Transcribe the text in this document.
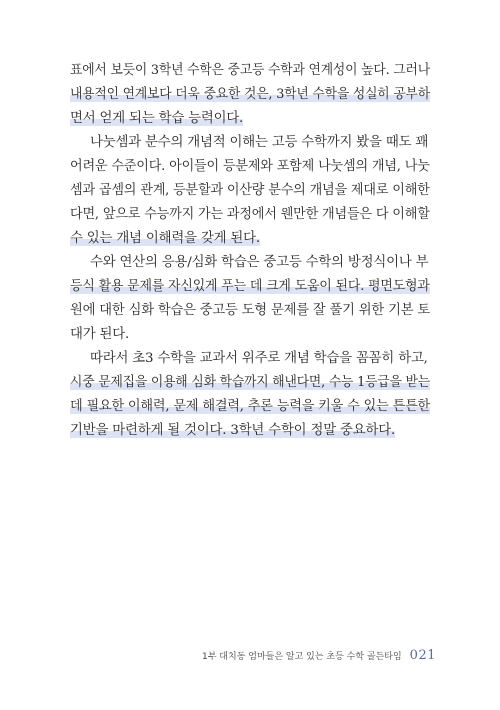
표에서 보듯이 3학년 수학은 중고등 수학과 연계성이 높다. 그러나
내용적인 연계보다 더욱 중요한 것은, 3학년 수학을 성실히 공부하
면서 얻게 되는 학습 능력이다.
나눗셈과 분수의 개념적 이해는 고등 수학까지 봤을 때도 꽤
어려운 수준이다. 아이들이 등분제와 포함제 나눗셈의 개념, 나눗
셈과 곱셈의 관계, 등분할과 이산량 분수의 개념을 제대로 이해한
다면, 앞으로 수능까지 가는 과정에서 웬만한 개념들은 다 이해할
수 있는 개념 이해력을 갖게 된다.
수와 연산의 응용/심화 학습은 중고등 수학의 방정식이나 부
등식 활용 문제를 자신있게 푸는 데 크게 도움이 된다. 평면도형과
원에 대한 심화 학습은 중고등 도형 문제를 잘 풀기 위한 기본 토
대가 된다.
따라서 초3 수학을 교과서 위주로 개념 학습을 꼼꼼히 하고,
시중 문제집을 이용해 심화 학습까지 해낸다면, 수능 1등급을 받는
데 필요한 이해력, 문제 해결력, 추론 능력을 키울 수 있는 튼튼한
기반을 마련하게 될 것이다. 3학년 수학이 정말 중요하다.
1부 대치동 엄마들은 알고 있는 초등 수학 골든타임 021
